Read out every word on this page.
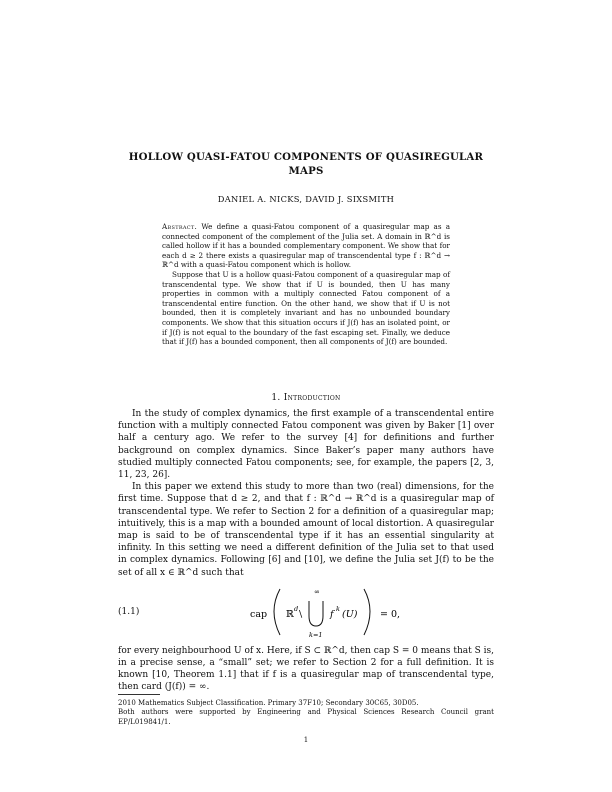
HOLLOW QUASI-FATOU COMPONENTS OF QUASIREGULAR MAPS
DANIEL A. NICKS, DAVID J. SIXSMITH

Abstract. We define a quasi-Fatou component of a quasiregular map as a connected component of the complement of the Julia set. A domain in ℝ^d is called hollow if it has a bounded complementary component. We show that for each d ≥ 2 there exists a quasiregular map of transcendental type f : ℝ^d → ℝ^d with a quasi-Fatou component which is hollow.

Suppose that U is a hollow quasi-Fatou component of a quasiregular map of transcendental type. We show that if U is bounded, then U has many properties in common with a multiply connected Fatou component of a transcendental entire function. On the other hand, we show that if U is not bounded, then it is completely invariant and has no unbounded boundary components. We show that this situation occurs if J(f) has an isolated point, or if J(f) is not equal to the boundary of the fast escaping set. Finally, we deduce that if J(f) has a bounded component, then all components of J(f) are bounded.

1. Introduction

In the study of complex dynamics, the first example of a transcendental entire function with a multiply connected Fatou component was given by Baker [1] over half a century ago. We refer to the survey [4] for definitions and further background on complex dynamics. Since Baker’s paper many authors have studied multiply connected Fatou components; see, for example, the papers [2, 3, 11, 23, 26].

In this paper we extend this study to more than two (real) dimensions, for the first time. Suppose that d ≥ 2, and that f : ℝ^d → ℝ^d is a quasiregular map of transcendental type. We refer to Section 2 for a definition of a quasiregular map; intuitively, this is a map with a bounded amount of local distortion. A quasiregular map is said to be of transcendental type if it has an essential singularity at infinity. In this setting we need a different definition of the Julia set to that used in complex dynamics. Following [6] and [10], we define the Julia set J(f) to be the set of all x ∈ ℝ^d such that

(1.1)	cap ℝ d \
∞
k=1
f k (U) = 0,

for every neighbourhood U of x. Here, if S ⊂ ℝ^d, then cap S = 0 means that S is, in a precise sense, a “small” set; we refer to Section 2 for a full definition. It is known [10, Theorem 1.1] that if f is a quasiregular map of transcendental type, then card (J(f)) = ∞.

2010 Mathematics Subject Classification. Primary 37F10; Secondary 30C65, 30D05.

Both authors were supported by Engineering and Physical Sciences Research Council grant EP/L019841/1.

1
